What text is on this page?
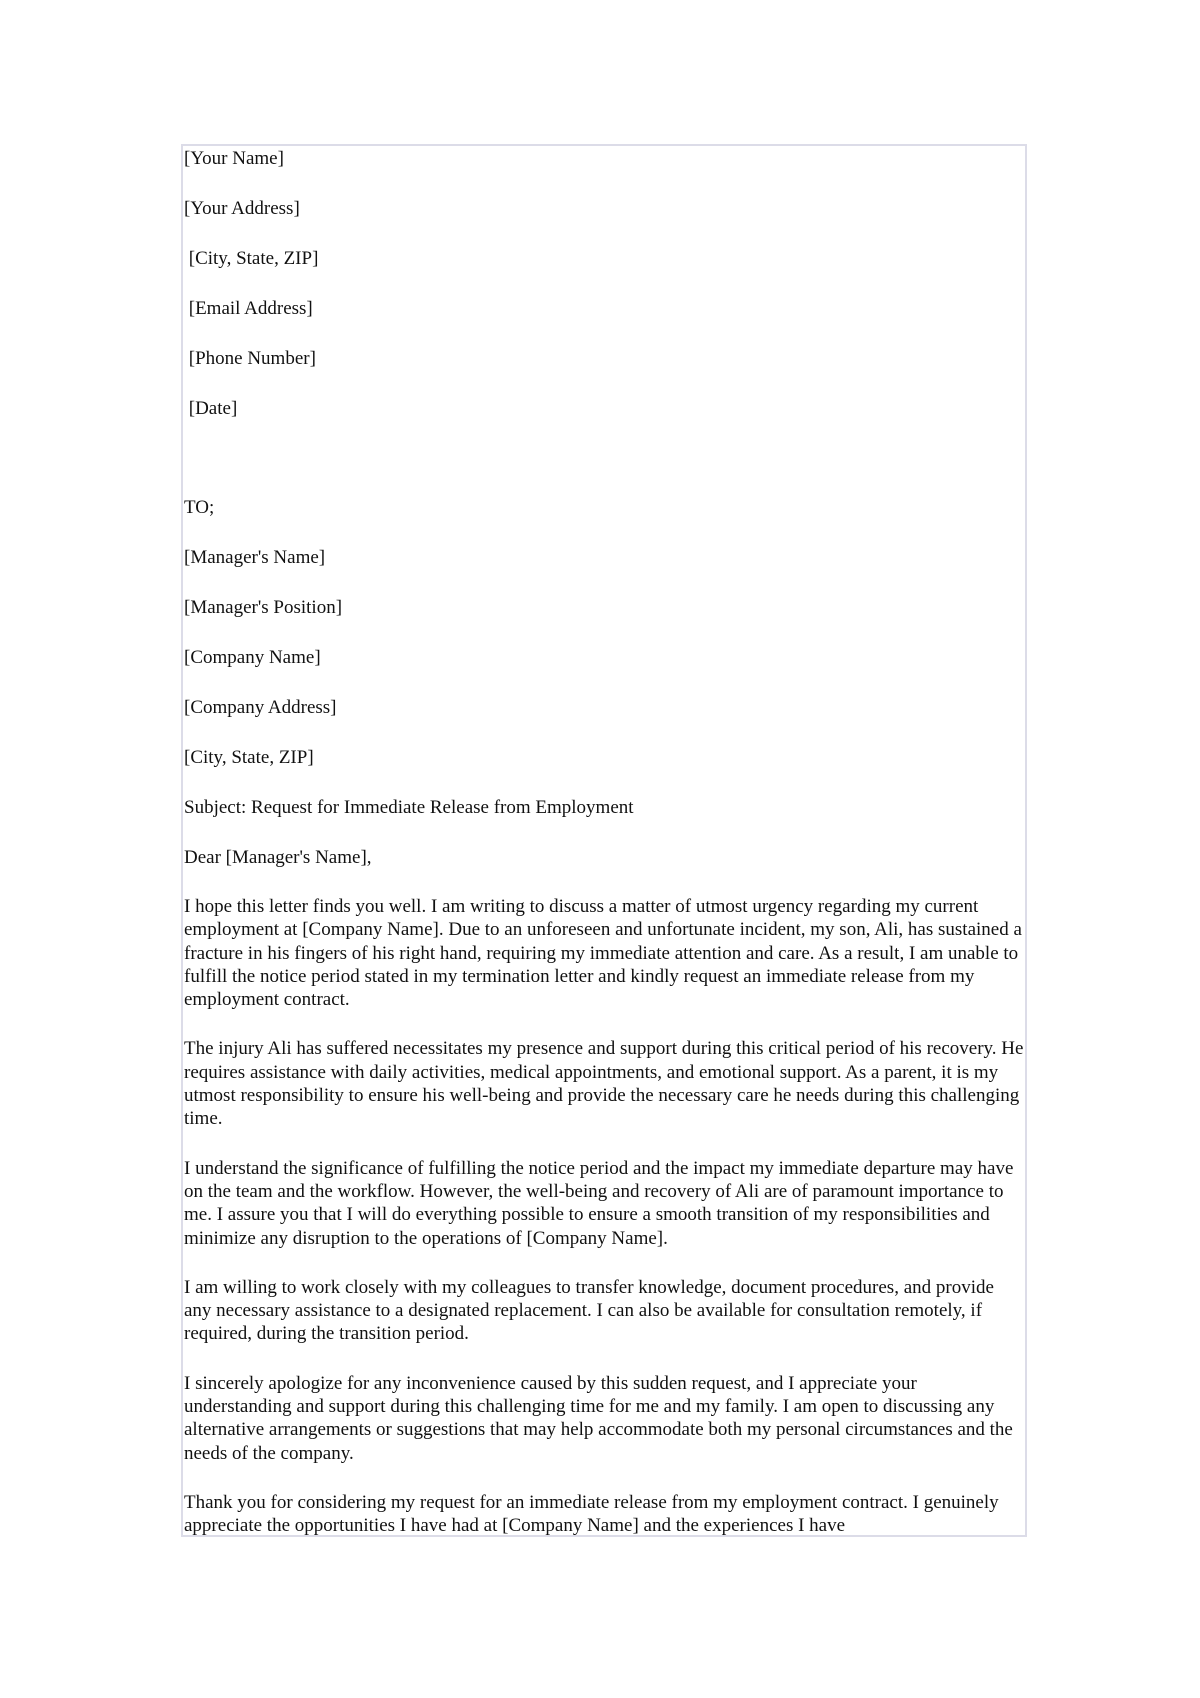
[Your Name]

[Your Address]

[City, State, ZIP]

[Email Address]

[Phone Number]

[Date]

TO;

[Manager's Name]

[Manager's Position]

[Company Name]

[Company Address]

[City, State, ZIP]

Subject: Request for Immediate Release from Employment

Dear [Manager's Name],

I hope this letter finds you well. I am writing to discuss a matter of utmost urgency regarding my current employment at [Company Name]. Due to an unforeseen and unfortunate incident, my son, Ali, has sustained a fracture in his fingers of his right hand, requiring my immediate attention and care. As a result, I am unable to fulfill the notice period stated in my termination letter and kindly request an immediate release from my employment contract.

The injury Ali has suffered necessitates my presence and support during this critical period of his recovery. He requires assistance with daily activities, medical appointments, and emotional support. As a parent, it is my utmost responsibility to ensure his well-being and provide the necessary care he needs during this challenging time.

I understand the significance of fulfilling the notice period and the impact my immediate departure may have on the team and the workflow. However, the well-being and recovery of Ali are of paramount importance to me. I assure you that I will do everything possible to ensure a smooth transition of my responsibilities and minimize any disruption to the operations of [Company Name].

I am willing to work closely with my colleagues to transfer knowledge, document procedures, and provide any necessary assistance to a designated replacement. I can also be available for consultation remotely, if required, during the transition period.

I sincerely apologize for any inconvenience caused by this sudden request, and I appreciate your understanding and support during this challenging time for me and my family. I am open to discussing any alternative arrangements or suggestions that may help accommodate both my personal circumstances and the needs of the company.

Thank you for considering my request for an immediate release from my employment contract. I genuinely appreciate the opportunities I have had at [Company Name] and the experiences I have
